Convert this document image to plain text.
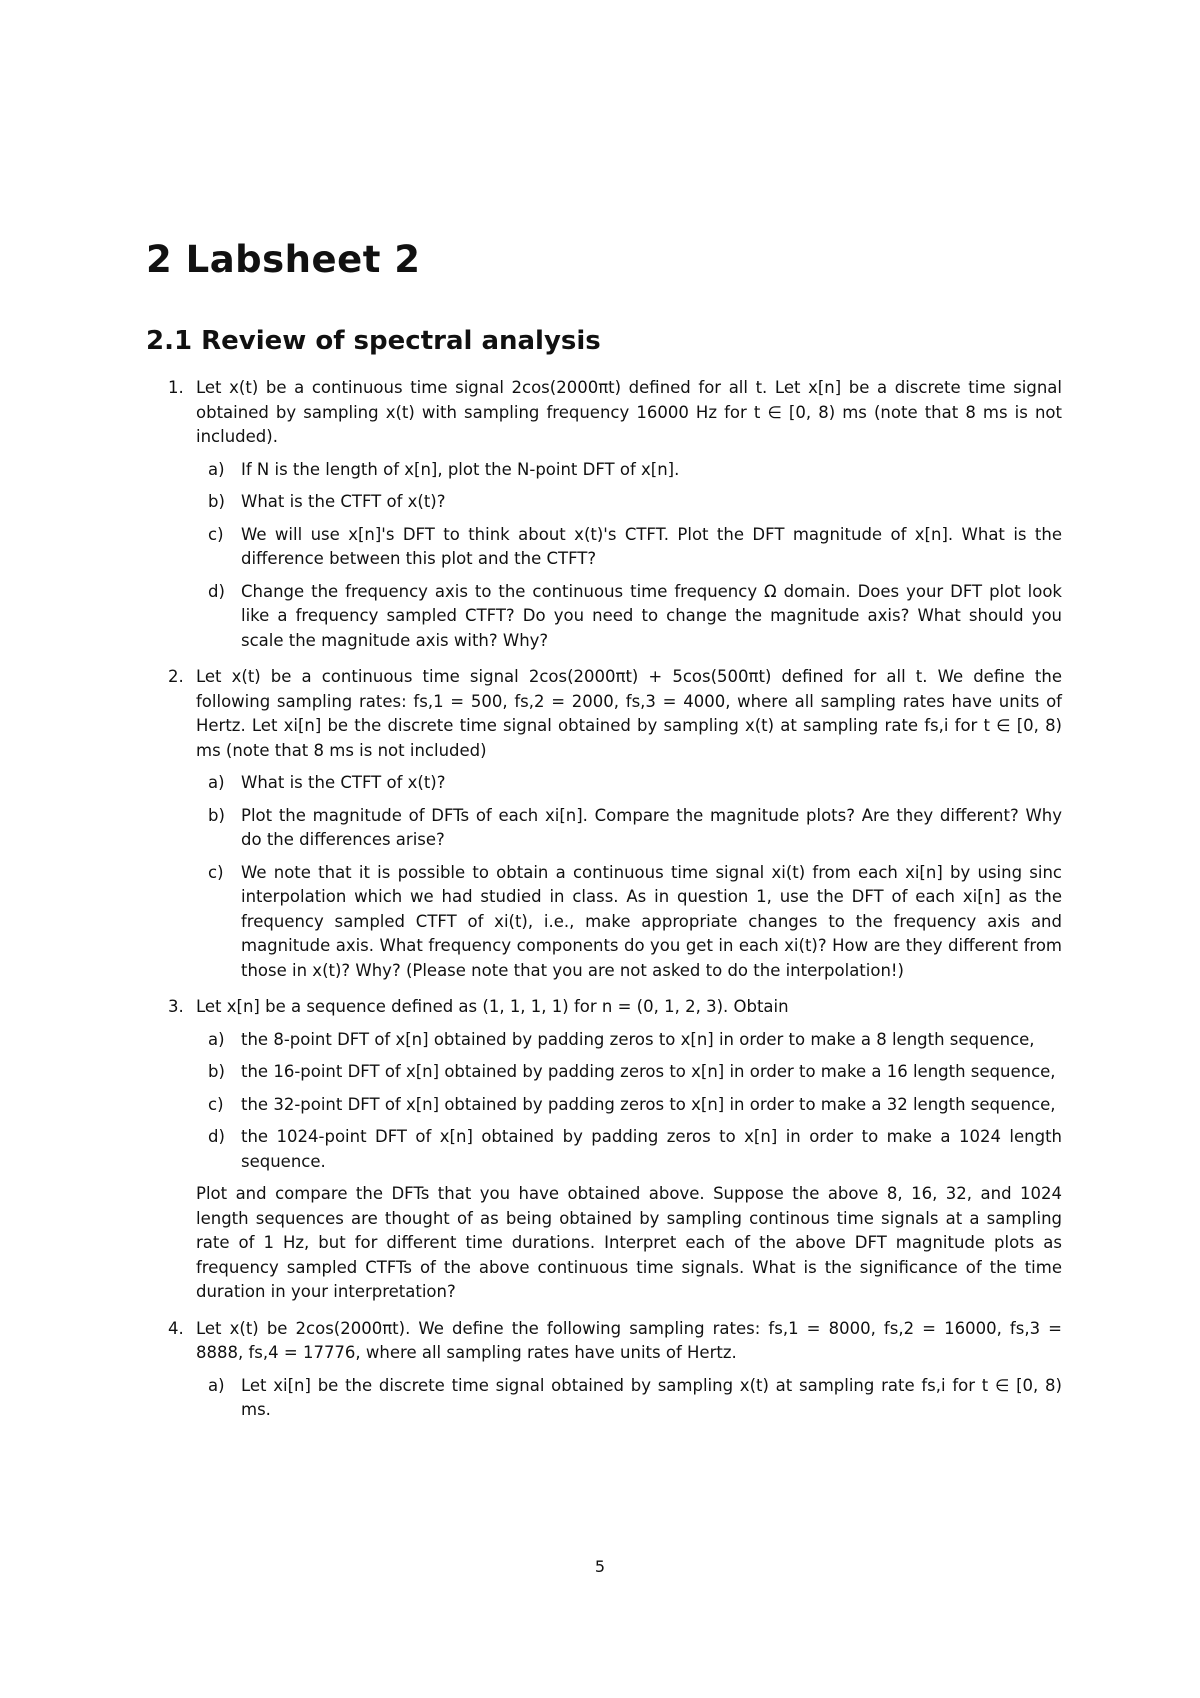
2 Labsheet 2
2.1 Review of spectral analysis
1. Let x(t) be a continuous time signal 2cos(2000πt) defined for all t. Let x[n] be a discrete time signal obtained by sampling x(t) with sampling frequency 16000 Hz for t ∈ [0, 8) ms (note that 8 ms is not included).
a) If N is the length of x[n], plot the N-point DFT of x[n].
b) What is the CTFT of x(t)?
c) We will use x[n]'s DFT to think about x(t)'s CTFT. Plot the DFT magnitude of x[n]. What is the difference between this plot and the CTFT?
d) Change the frequency axis to the continuous time frequency Ω domain. Does your DFT plot look like a frequency sampled CTFT? Do you need to change the magnitude axis? What should you scale the magnitude axis with? Why?
2. Let x(t) be a continuous time signal 2cos(2000πt) + 5cos(500πt) defined for all t. We define the following sampling rates: fs,1 = 500, fs,2 = 2000, fs,3 = 4000, where all sampling rates have units of Hertz. Let xi[n] be the discrete time signal obtained by sampling x(t) at sampling rate fs,i for t ∈ [0, 8) ms (note that 8 ms is not included)
a) What is the CTFT of x(t)?
b) Plot the magnitude of DFTs of each xi[n]. Compare the magnitude plots? Are they different? Why do the differences arise?
c) We note that it is possible to obtain a continuous time signal xi(t) from each xi[n] by using sinc interpolation which we had studied in class. As in question 1, use the DFT of each xi[n] as the frequency sampled CTFT of xi(t), i.e., make appropriate changes to the frequency axis and magnitude axis. What frequency components do you get in each xi(t)? How are they different from those in x(t)? Why? (Please note that you are not asked to do the interpolation!)
3. Let x[n] be a sequence defined as (1, 1, 1, 1) for n = (0, 1, 2, 3). Obtain
a) the 8-point DFT of x[n] obtained by padding zeros to x[n] in order to make a 8 length sequence,
b) the 16-point DFT of x[n] obtained by padding zeros to x[n] in order to make a 16 length sequence,
c) the 32-point DFT of x[n] obtained by padding zeros to x[n] in order to make a 32 length sequence,
d) the 1024-point DFT of x[n] obtained by padding zeros to x[n] in order to make a 1024 length sequence.
Plot and compare the DFTs that you have obtained above. Suppose the above 8, 16, 32, and 1024 length sequences are thought of as being obtained by sampling continous time signals at a sampling rate of 1 Hz, but for different time durations. Interpret each of the above DFT magnitude plots as frequency sampled CTFTs of the above continuous time signals. What is the significance of the time duration in your interpretation?
4. Let x(t) be 2cos(2000πt). We define the following sampling rates: fs,1 = 8000, fs,2 = 16000, fs,3 = 8888, fs,4 = 17776, where all sampling rates have units of Hertz.
a) Let xi[n] be the discrete time signal obtained by sampling x(t) at sampling rate fs,i for t ∈ [0, 8) ms.
5
